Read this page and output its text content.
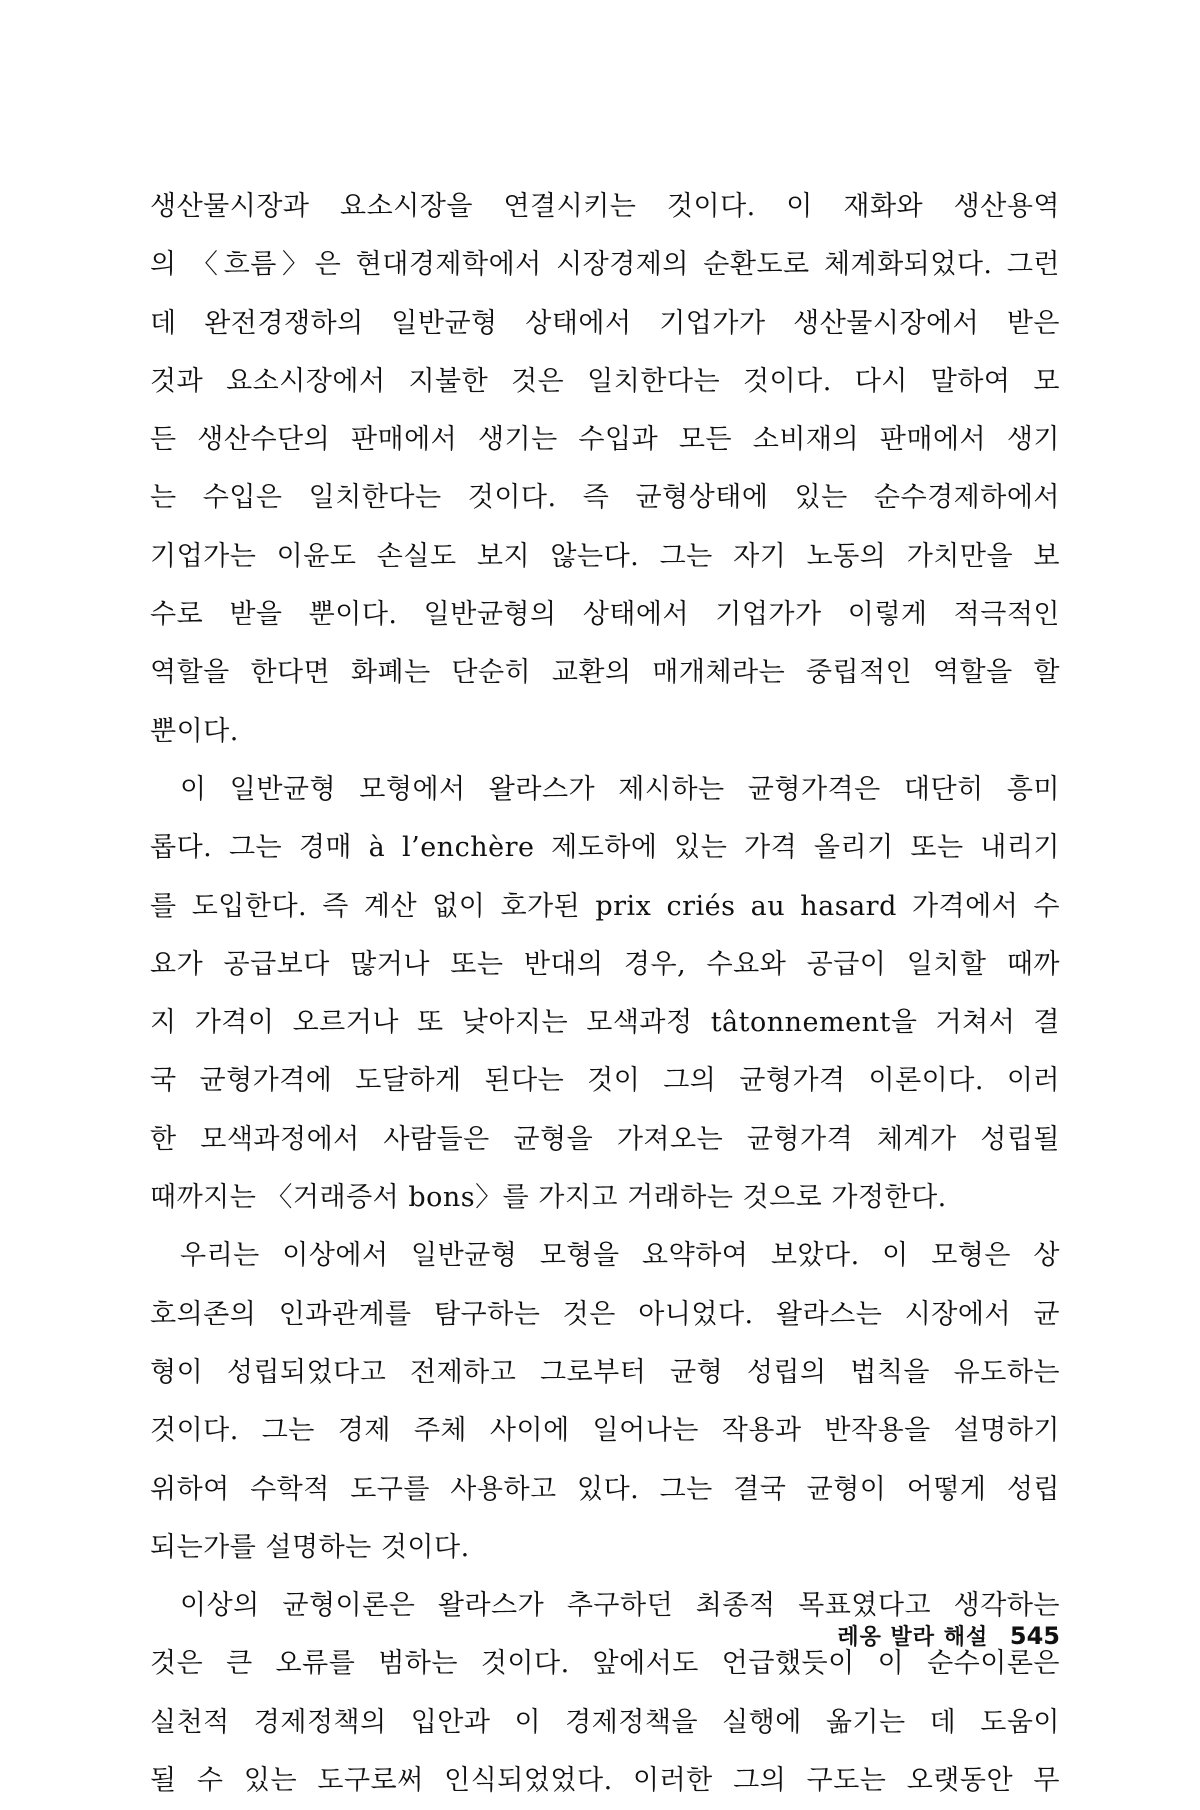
생산물시장과 요소시장을 연결시키는 것이다. 이 재화와 생산용역
의 〈흐름〉은 현대경제학에서 시장경제의 순환도로 체계화되었다. 그런
데 완전경쟁하의 일반균형 상태에서 기업가가 생산물시장에서 받은
것과 요소시장에서 지불한 것은 일치한다는 것이다. 다시 말하여 모
든 생산수단의 판매에서 생기는 수입과 모든 소비재의 판매에서 생기
는 수입은 일치한다는 것이다. 즉 균형상태에 있는 순수경제하에서
기업가는 이윤도 손실도 보지 않는다. 그는 자기 노동의 가치만을 보
수로 받을 뿐이다. 일반균형의 상태에서 기업가가 이렇게 적극적인
역할을 한다면 화폐는 단순히 교환의 매개체라는 중립적인 역할을 할
뿐이다.
이 일반균형 모형에서 왈라스가 제시하는 균형가격은 대단히 흥미
롭다. 그는 경매 à l’enchère 제도하에 있는 가격 올리기 또는 내리기
를 도입한다. 즉 계산 없이 호가된 prix criés au hasard 가격에서 수
요가 공급보다 많거나 또는 반대의 경우, 수요와 공급이 일치할 때까
지 가격이 오르거나 또 낮아지는 모색과정 tâtonnement을 거쳐서 결
국 균형가격에 도달하게 된다는 것이 그의 균형가격 이론이다. 이러
한 모색과정에서 사람들은 균형을 가져오는 균형가격 체계가 성립될
때까지는 〈거래증서 bons〉를 가지고 거래하는 것으로 가정한다.
우리는 이상에서 일반균형 모형을 요약하여 보았다. 이 모형은 상
호의존의 인과관계를 탐구하는 것은 아니었다. 왈라스는 시장에서 균
형이 성립되었다고 전제하고 그로부터 균형 성립의 법칙을 유도하는
것이다. 그는 경제 주체 사이에 일어나는 작용과 반작용을 설명하기
위하여 수학적 도구를 사용하고 있다. 그는 결국 균형이 어떻게 성립
되는가를 설명하는 것이다.
이상의 균형이론은 왈라스가 추구하던 최종적 목표였다고 생각하는
것은 큰 오류를 범하는 것이다. 앞에서도 언급했듯이 이 순수이론은
실천적 경제정책의 입안과 이 경제정책을 실행에 옮기는 데 도움이
될 수 있는 도구로써 인식되었었다. 이러한 그의 구도는 오랫동안 무
레옹 발라 해설 545
